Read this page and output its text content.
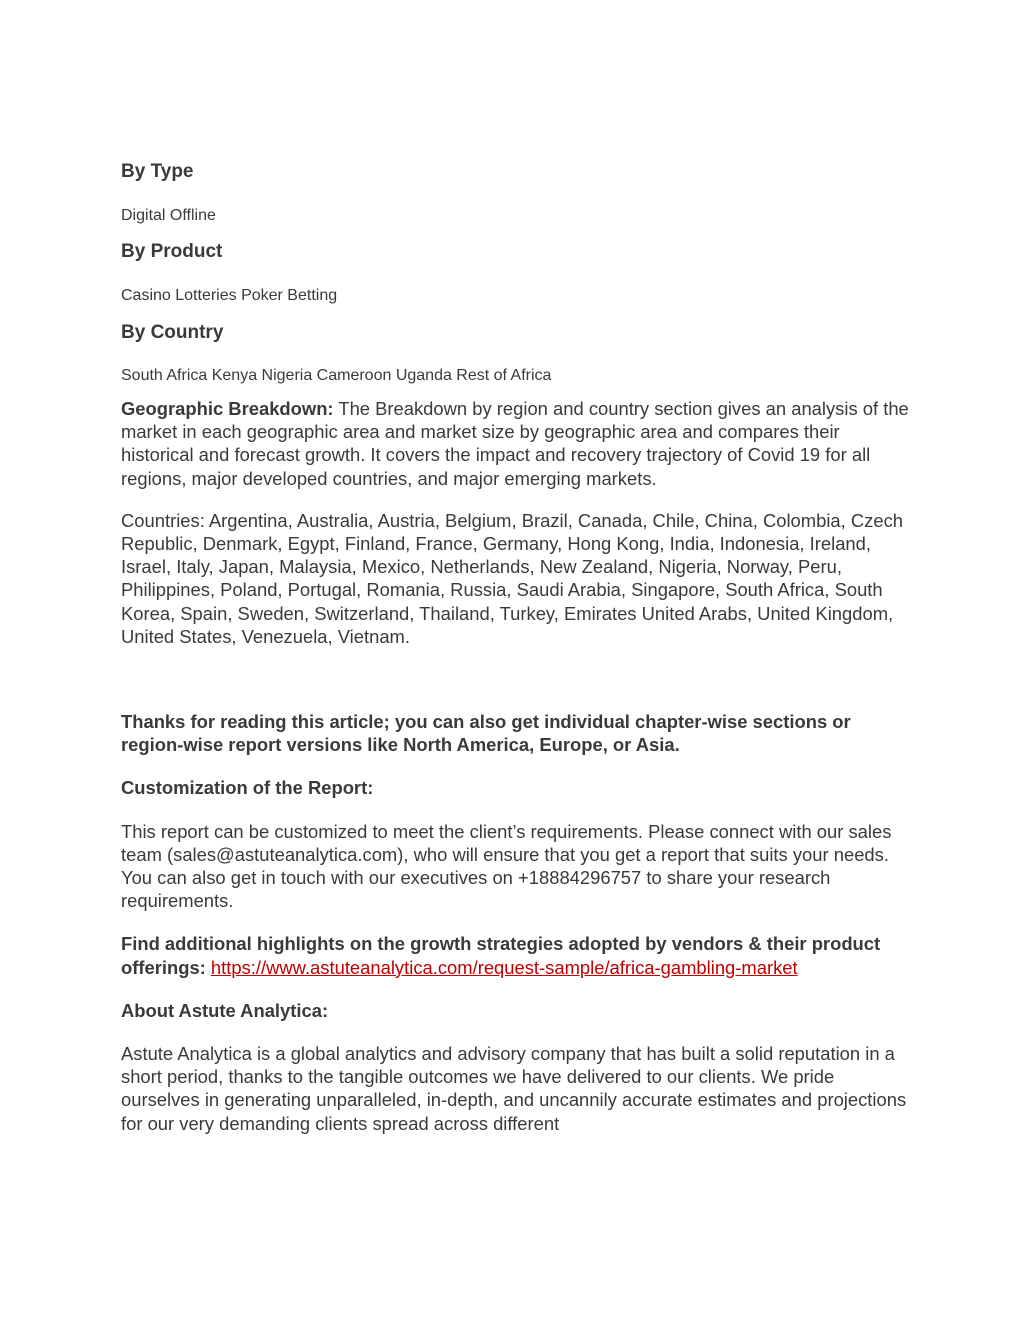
By Type

Digital Offline

By Product

Casino Lotteries Poker Betting

By Country

South Africa Kenya Nigeria Cameroon Uganda Rest of Africa

Geographic Breakdown: The Breakdown by region and country section gives an analysis of the market in each geographic area and market size by geographic area and compares their historical and forecast growth. It covers the impact and recovery trajectory of Covid 19 for all regions, major developed countries, and major emerging markets.

Countries: Argentina, Australia, Austria, Belgium, Brazil, Canada, Chile, China, Colombia, Czech Republic, Denmark, Egypt, Finland, France, Germany, Hong Kong, India, Indonesia, Ireland, Israel, Italy, Japan, Malaysia, Mexico, Netherlands, New Zealand, Nigeria, Norway, Peru, Philippines, Poland, Portugal, Romania, Russia, Saudi Arabia, Singapore, South Africa, South Korea, Spain, Sweden, Switzerland, Thailand, Turkey, Emirates United Arabs, United Kingdom, United States, Venezuela, Vietnam.

Thanks for reading this article; you can also get individual chapter-wise sections or region-wise report versions like North America, Europe, or Asia.

Customization of the Report:

This report can be customized to meet the client’s requirements. Please connect with our sales team (sales@astuteanalytica.com), who will ensure that you get a report that suits your needs. You can also get in touch with our executives on +18884296757 to share your research requirements.

Find additional highlights on the growth strategies adopted by vendors & their product offerings: https://www.astuteanalytica.com/request-sample/africa-gambling-market

About Astute Analytica:

Astute Analytica is a global analytics and advisory company that has built a solid reputation in a short period, thanks to the tangible outcomes we have delivered to our clients. We pride ourselves in generating unparalleled, in-depth, and uncannily accurate estimates and projections for our very demanding clients spread across different
